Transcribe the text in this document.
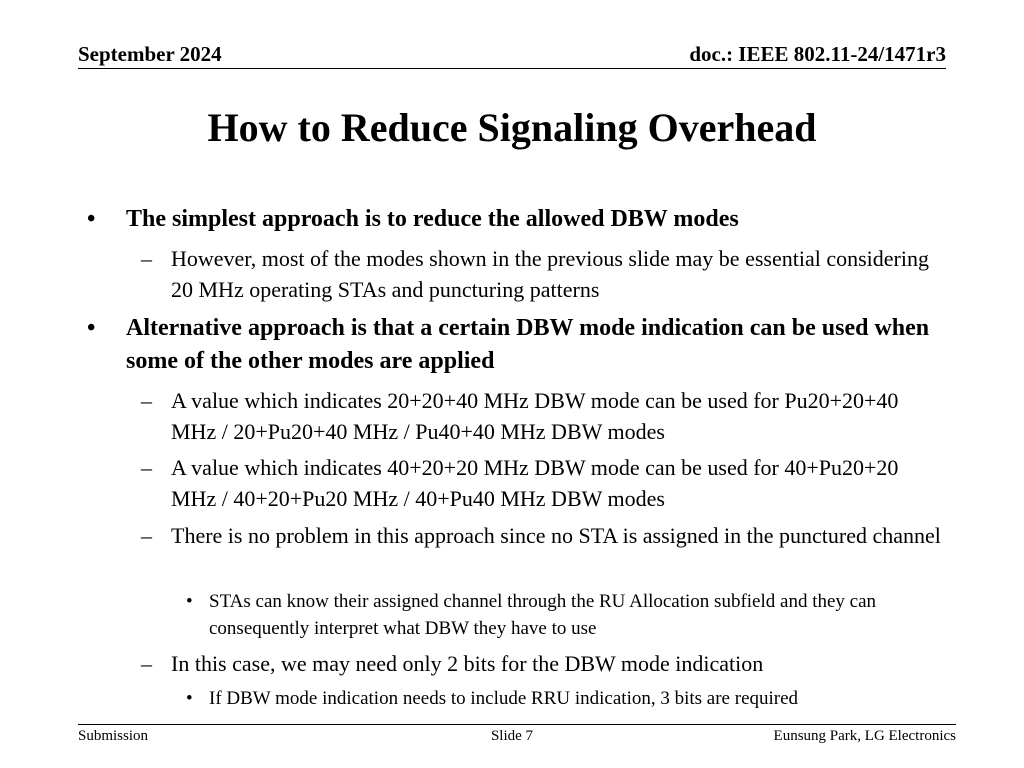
September 2024	doc.: IEEE 802.11-24/1471r3
How to Reduce Signaling Overhead
• The simplest approach is to reduce the allowed DBW modes
– However, most of the modes shown in the previous slide may be essential considering 20 MHz operating STAs and puncturing patterns
• Alternative approach is that a certain DBW mode indication can be used when some of the other modes are applied
– A value which indicates 20+20+40 MHz DBW mode can be used for Pu20+20+40 MHz / 20+Pu20+40 MHz / Pu40+40 MHz DBW modes
– A value which indicates 40+20+20 MHz DBW mode can be used for 40+Pu20+20 MHz / 40+20+Pu20 MHz / 40+Pu40 MHz DBW modes
– There is no problem in this approach since no STA is assigned in the punctured channel
• STAs can know their assigned channel through the RU Allocation subfield and they can consequently interpret what DBW they have to use
– In this case, we may need only 2 bits for the DBW mode indication
• If DBW mode indication needs to include RRU indication, 3 bits are required
Submission	Slide 7	Eunsung Park, LG Electronics
